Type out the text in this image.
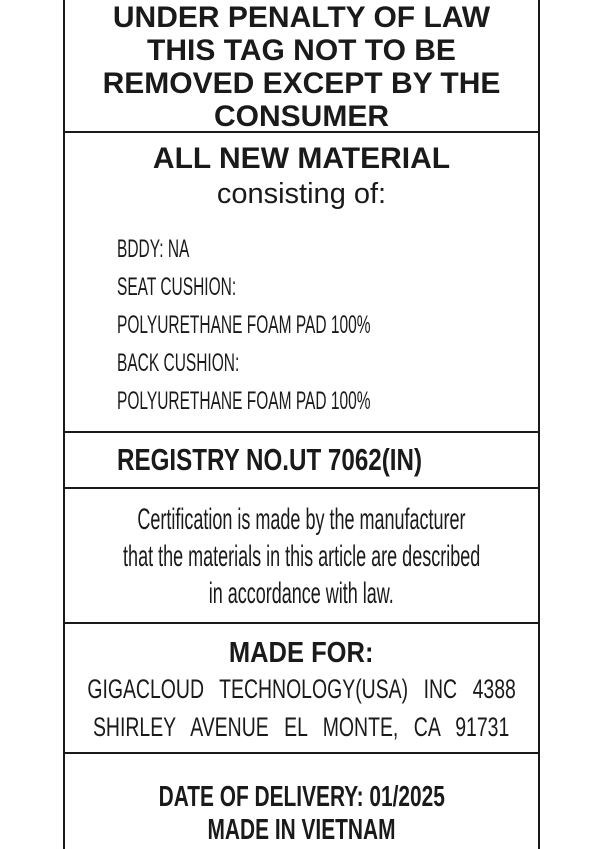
UNDER PENALTY OF LAW
THIS TAG NOT TO BE
REMOVED EXCEPT BY THE
CONSUMER
ALL NEW MATERIAL
consisting of:
BDDY: NA
SEAT CUSHION:
POLYURETHANE FOAM PAD 100%
BACK CUSHION:
POLYURETHANE FOAM PAD 100%
REGISTRY NO.UT 7062(IN)
Certification is made by the manufacturer
that the materials in this article are described
in accordance with law.
MADE FOR:
GIGACLOUD TECHNOLOGY(USA) INC 4388
SHIRLEY AVENUE EL MONTE, CA 91731
DATE OF DELIVERY: 01/2025
MADE IN VIETNAM
